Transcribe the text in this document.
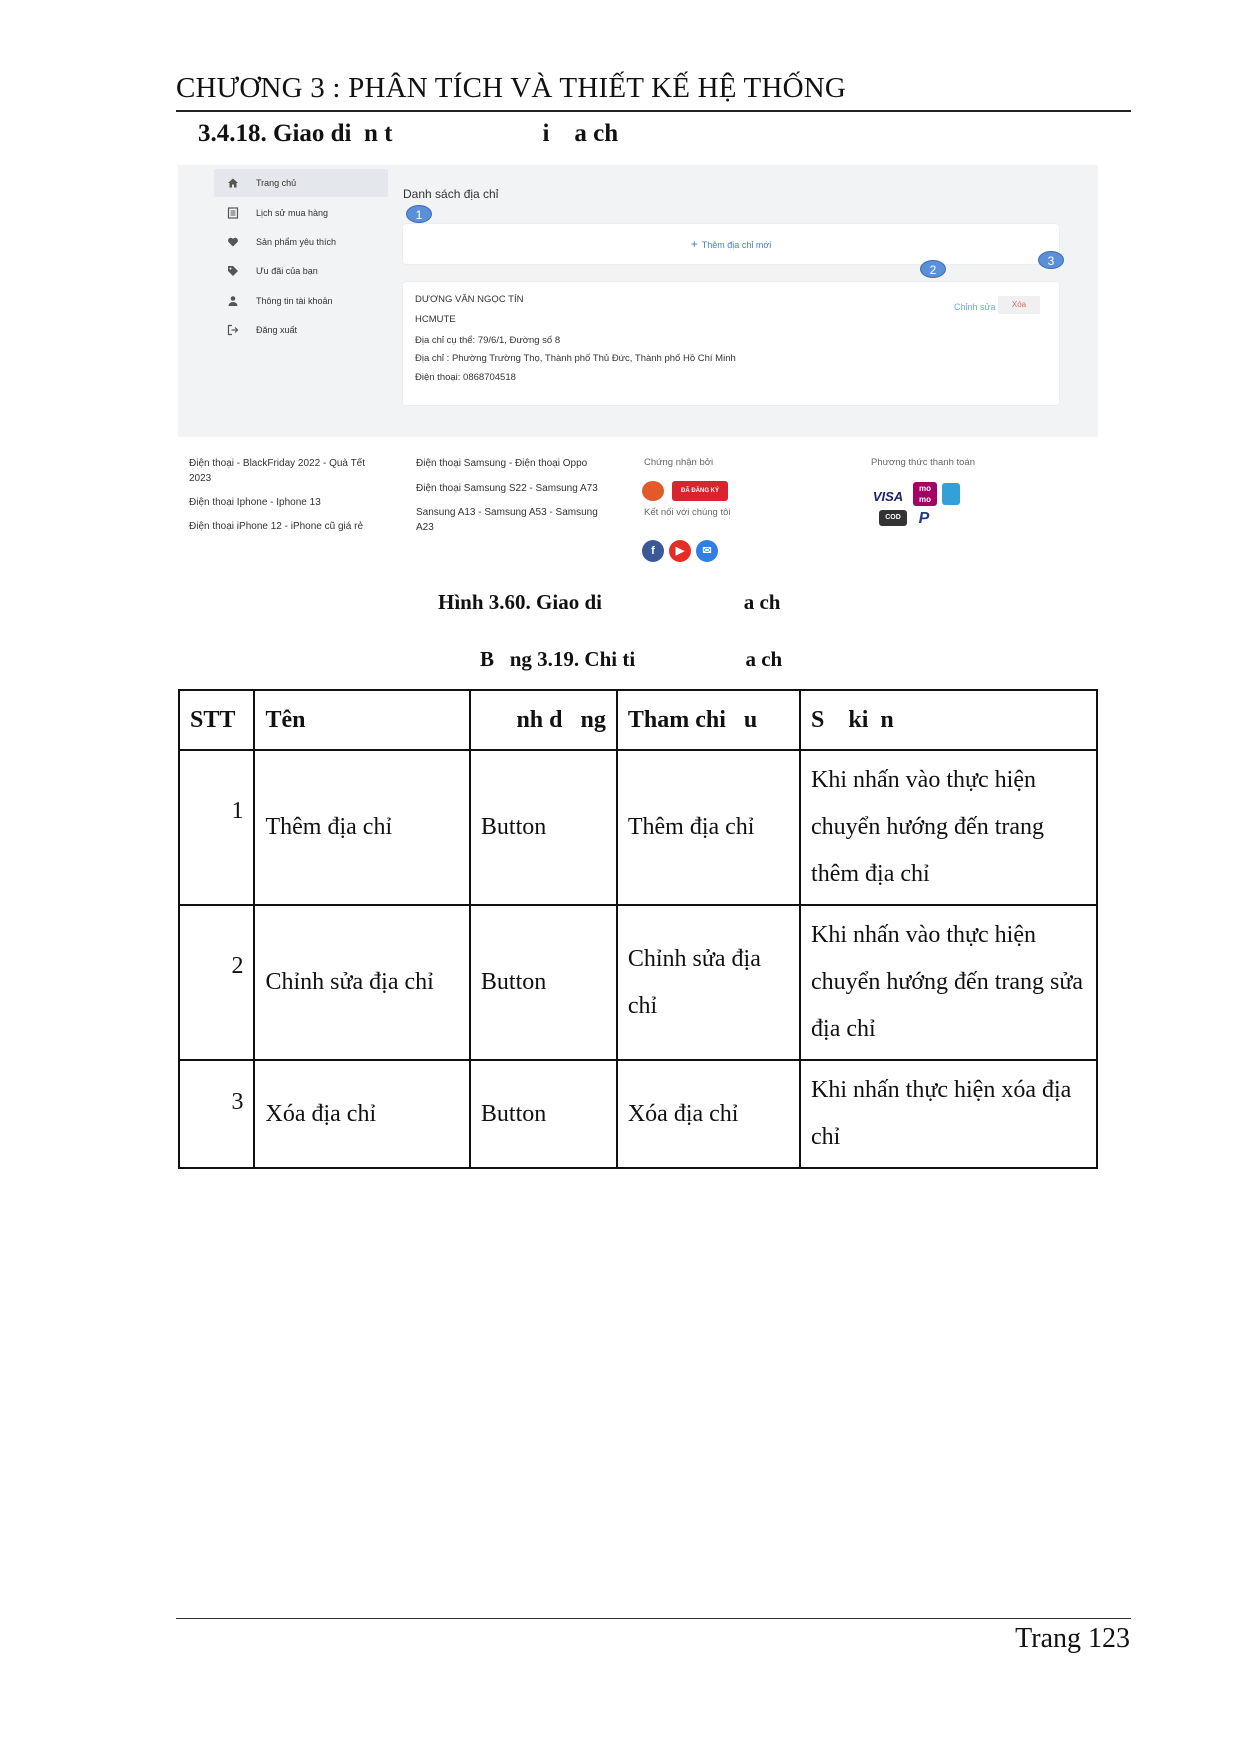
CHƯƠNG 3 : PHÂN TÍCH VÀ THIẾT KẾ HỆ THỐNG
3.4.18. Giao di  n t                        i    a ch
Trang chủ
Lịch sử mua hàng
Sản phẩm yêu thích
Ưu đãi của bạn
Thông tin tài khoản
Đăng xuất
Danh sách địa chỉ
+ Thêm địa chỉ mới
1
DƯƠNG VĂN NGỌC TÍN
HCMUTE
Địa chỉ cụ thể: 79/6/1, Đường số 8
Địa chỉ : Phường Trường Thọ, Thành phố Thủ Đức, Thành phố Hồ Chí Minh
Điện thoại: 0868704518
Chỉnh sửa	Xóa
2
3
Điện thoại - BlackFriday 2022 - Quà Tết 2023
Điện thoại Iphone - Iphone 13
Điện thoại iPhone 12 - iPhone cũ giá rẻ
Điện thoại Samsung - Điện thoại Oppo
Điện thoại Samsung S22 - Samsung A73
Sansung A13 - Samsung A53 - Samsung A23
Chứng nhận bởi
ĐÃ ĐĂNG KÝ
Kết nối với chúng tôi
f	▶	✉
Phương thức thanh toán
VISA
mo mo
COD	P
Hình 3.60. Giao di                           a ch
B   ng 3.19. Chi ti                     a ch
STT	Tên	nh d   ng	Tham chi   u	S    ki  n
1	Thêm địa chỉ	Button	Thêm địa chỉ	Khi nhấn vào thực hiện chuyển hướng đến trang thêm địa chỉ
2	Chỉnh sửa địa chỉ	Button	Chỉnh sửa địa chỉ	Khi nhấn vào thực hiện chuyển hướng đến trang sửa địa chỉ
3	Xóa địa chỉ	Button	Xóa địa chỉ	Khi nhấn thực hiện xóa địa chỉ
Trang 123
